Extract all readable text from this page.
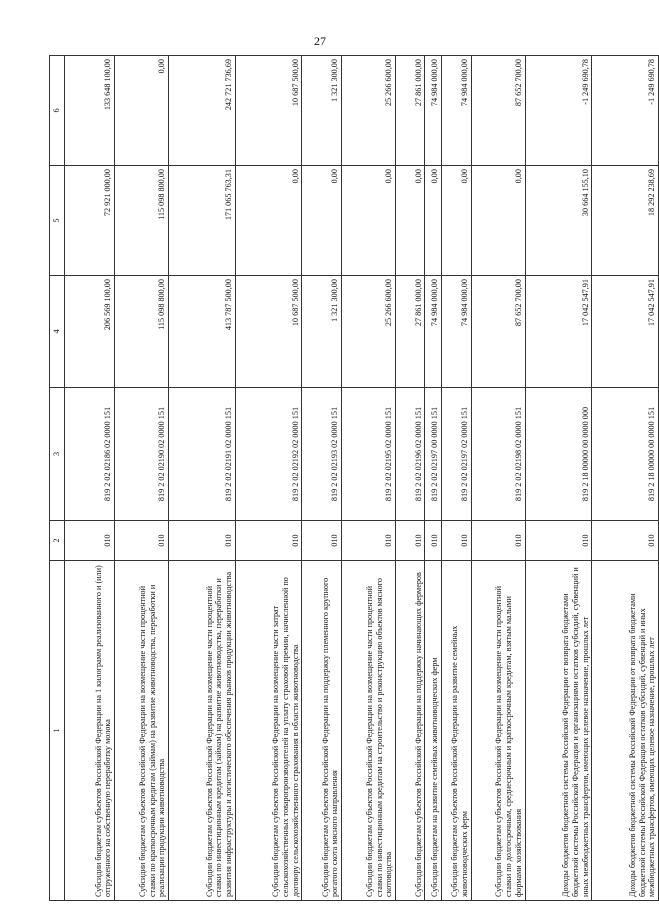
27
1	2	3	4	5	6
Субсидии бюджетам субъектов Российской Федерации на 1 килограмм реализованного и (или) отгруженного на собственную переработку молока	010	819 2 02 02186 02 0000 151	206 569 100,00	72 921 000,00	133 648 100,00
Субсидии бюджетам субъектов Российской Федерации на возмещение части процентной ставки по краткосрочным кредитам (займам) на развитие животноводства, переработки и реализации продукции животноводства	010	819 2 02 02190 02 0000 151	115 098 800,00	115 098 800,00	0,00
Субсидии бюджетам субъектов Российской Федерации на возмещение части процентной ставки по инвестиционным кредитам (займам) на развитие животноводства, переработки и развития инфраструктуры и логистического обеспечения рынков продукции животноводства	010	819 2 02 02191 02 0000 151	413 787 500,00	171 065 763,31	242 721 736,69
Субсидии бюджетам субъектов Российской Федерации на возмещение части затрат сельскохозяйственных товаропроизводителей на уплату страховой премии, начисленной по договору сельскохозяйственного страхования в области животноводства	010	819 2 02 02192 02 0000 151	10 687 500,00	0,00	10 687 500,00
Субсидии бюджетам субъектов Российской Федерации на поддержку племенного крупного рогатого скота мясного направления	010	819 2 02 02193 02 0000 151	1 321 300,00	0,00	1 321 300,00
Субсидии бюджетам субъектов Российской Федерации на возмещение части процентной ставки по инвестиционным кредитам на строительство и реконструкцию объектов мясного скотоводства	010	819 2 02 02195 02 0000 151	25 266 600,00	0,00	25 266 600,00
Субсидии бюджетам субъектов Российской Федерации на поддержку начинающих фермеров	010	819 2 02 02196 02 0000 151	27 861 000,00	0,00	27 861 000,00
Субсидии бюджетам на развитие семейных животноводческих ферм	010	819 2 02 02197 00 0000 151	74 984 000,00	0,00	74 984 000,00
Субсидии бюджетам субъектов Российской Федерации на развитие семейных животноводческих ферм	010	819 2 02 02197 02 0000 151	74 984 000,00	0,00	74 984 000,00
Субсидии бюджетам субъектов Российской Федерации на возмещение части процентной ставки по долгосрочным, среднесрочным и краткосрочным кредитам, взятым малыми формами хозяйствования	010	819 2 02 02198 02 0000 151	87 652 700,00	0,00	87 652 700,00
Доходы бюджетов бюджетной системы Российской Федерации от возврата бюджетами бюджетной системы Российской Федерации и организациями остатков субсидий, субвенций и иных межбюджетных трансфертов, имеющих целевое назначение, прошлых лет	010	819 2 18 00000 00 0000 000	17 042 547,91	30 664 155,10	-1 249 690,78
Доходы бюджетов бюджетной системы Российской Федерации от возврата бюджетами бюджетной системы Российской Федерации остатков субсидий, субвенций и иных межбюджетных трансфертов, имеющих целевое назначение, прошлых лет	010	819 2 18 00000 00 0000 151	17 042 547,91	18 292 238,69	-1 249 690,78
